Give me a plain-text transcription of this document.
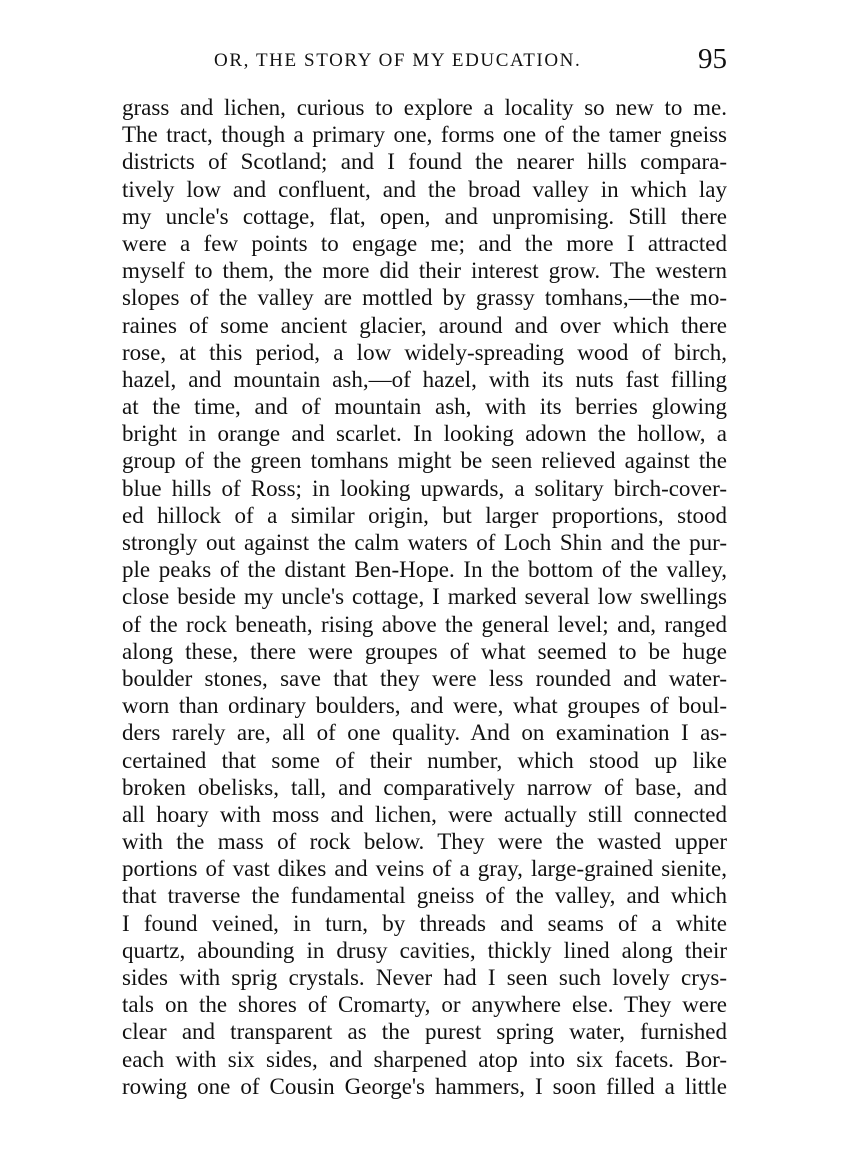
OR, THE STORY OF MY EDUCATION.	95
grass and lichen, curious to explore a locality so new to me.
The tract, though a primary one, forms one of the tamer gneiss
districts of Scotland; and I found the nearer hills compara-
tively low and confluent, and the broad valley in which lay
my uncle's cottage, flat, open, and unpromising. Still there
were a few points to engage me; and the more I attracted
myself to them, the more did their interest grow. The western
slopes of the valley are mottled by grassy tomhans,—the mo-
raines of some ancient glacier, around and over which there
rose, at this period, a low widely-spreading wood of birch,
hazel, and mountain ash,—of hazel, with its nuts fast filling
at the time, and of mountain ash, with its berries glowing
bright in orange and scarlet. In looking adown the hollow, a
group of the green tomhans might be seen relieved against the
blue hills of Ross; in looking upwards, a solitary birch-cover-
ed hillock of a similar origin, but larger proportions, stood
strongly out against the calm waters of Loch Shin and the pur-
ple peaks of the distant Ben-Hope. In the bottom of the valley,
close beside my uncle's cottage, I marked several low swellings
of the rock beneath, rising above the general level; and, ranged
along these, there were groupes of what seemed to be huge
boulder stones, save that they were less rounded and water-
worn than ordinary boulders, and were, what groupes of boul-
ders rarely are, all of one quality. And on examination I as-
certained that some of their number, which stood up like
broken obelisks, tall, and comparatively narrow of base, and
all hoary with moss and lichen, were actually still connected
with the mass of rock below. They were the wasted upper
portions of vast dikes and veins of a gray, large-grained sienite,
that traverse the fundamental gneiss of the valley, and which
I found veined, in turn, by threads and seams of a white
quartz, abounding in drusy cavities, thickly lined along their
sides with sprig crystals. Never had I seen such lovely crys-
tals on the shores of Cromarty, or anywhere else. They were
clear and transparent as the purest spring water, furnished
each with six sides, and sharpened atop into six facets. Bor-
rowing one of Cousin George's hammers, I soon filled a little
